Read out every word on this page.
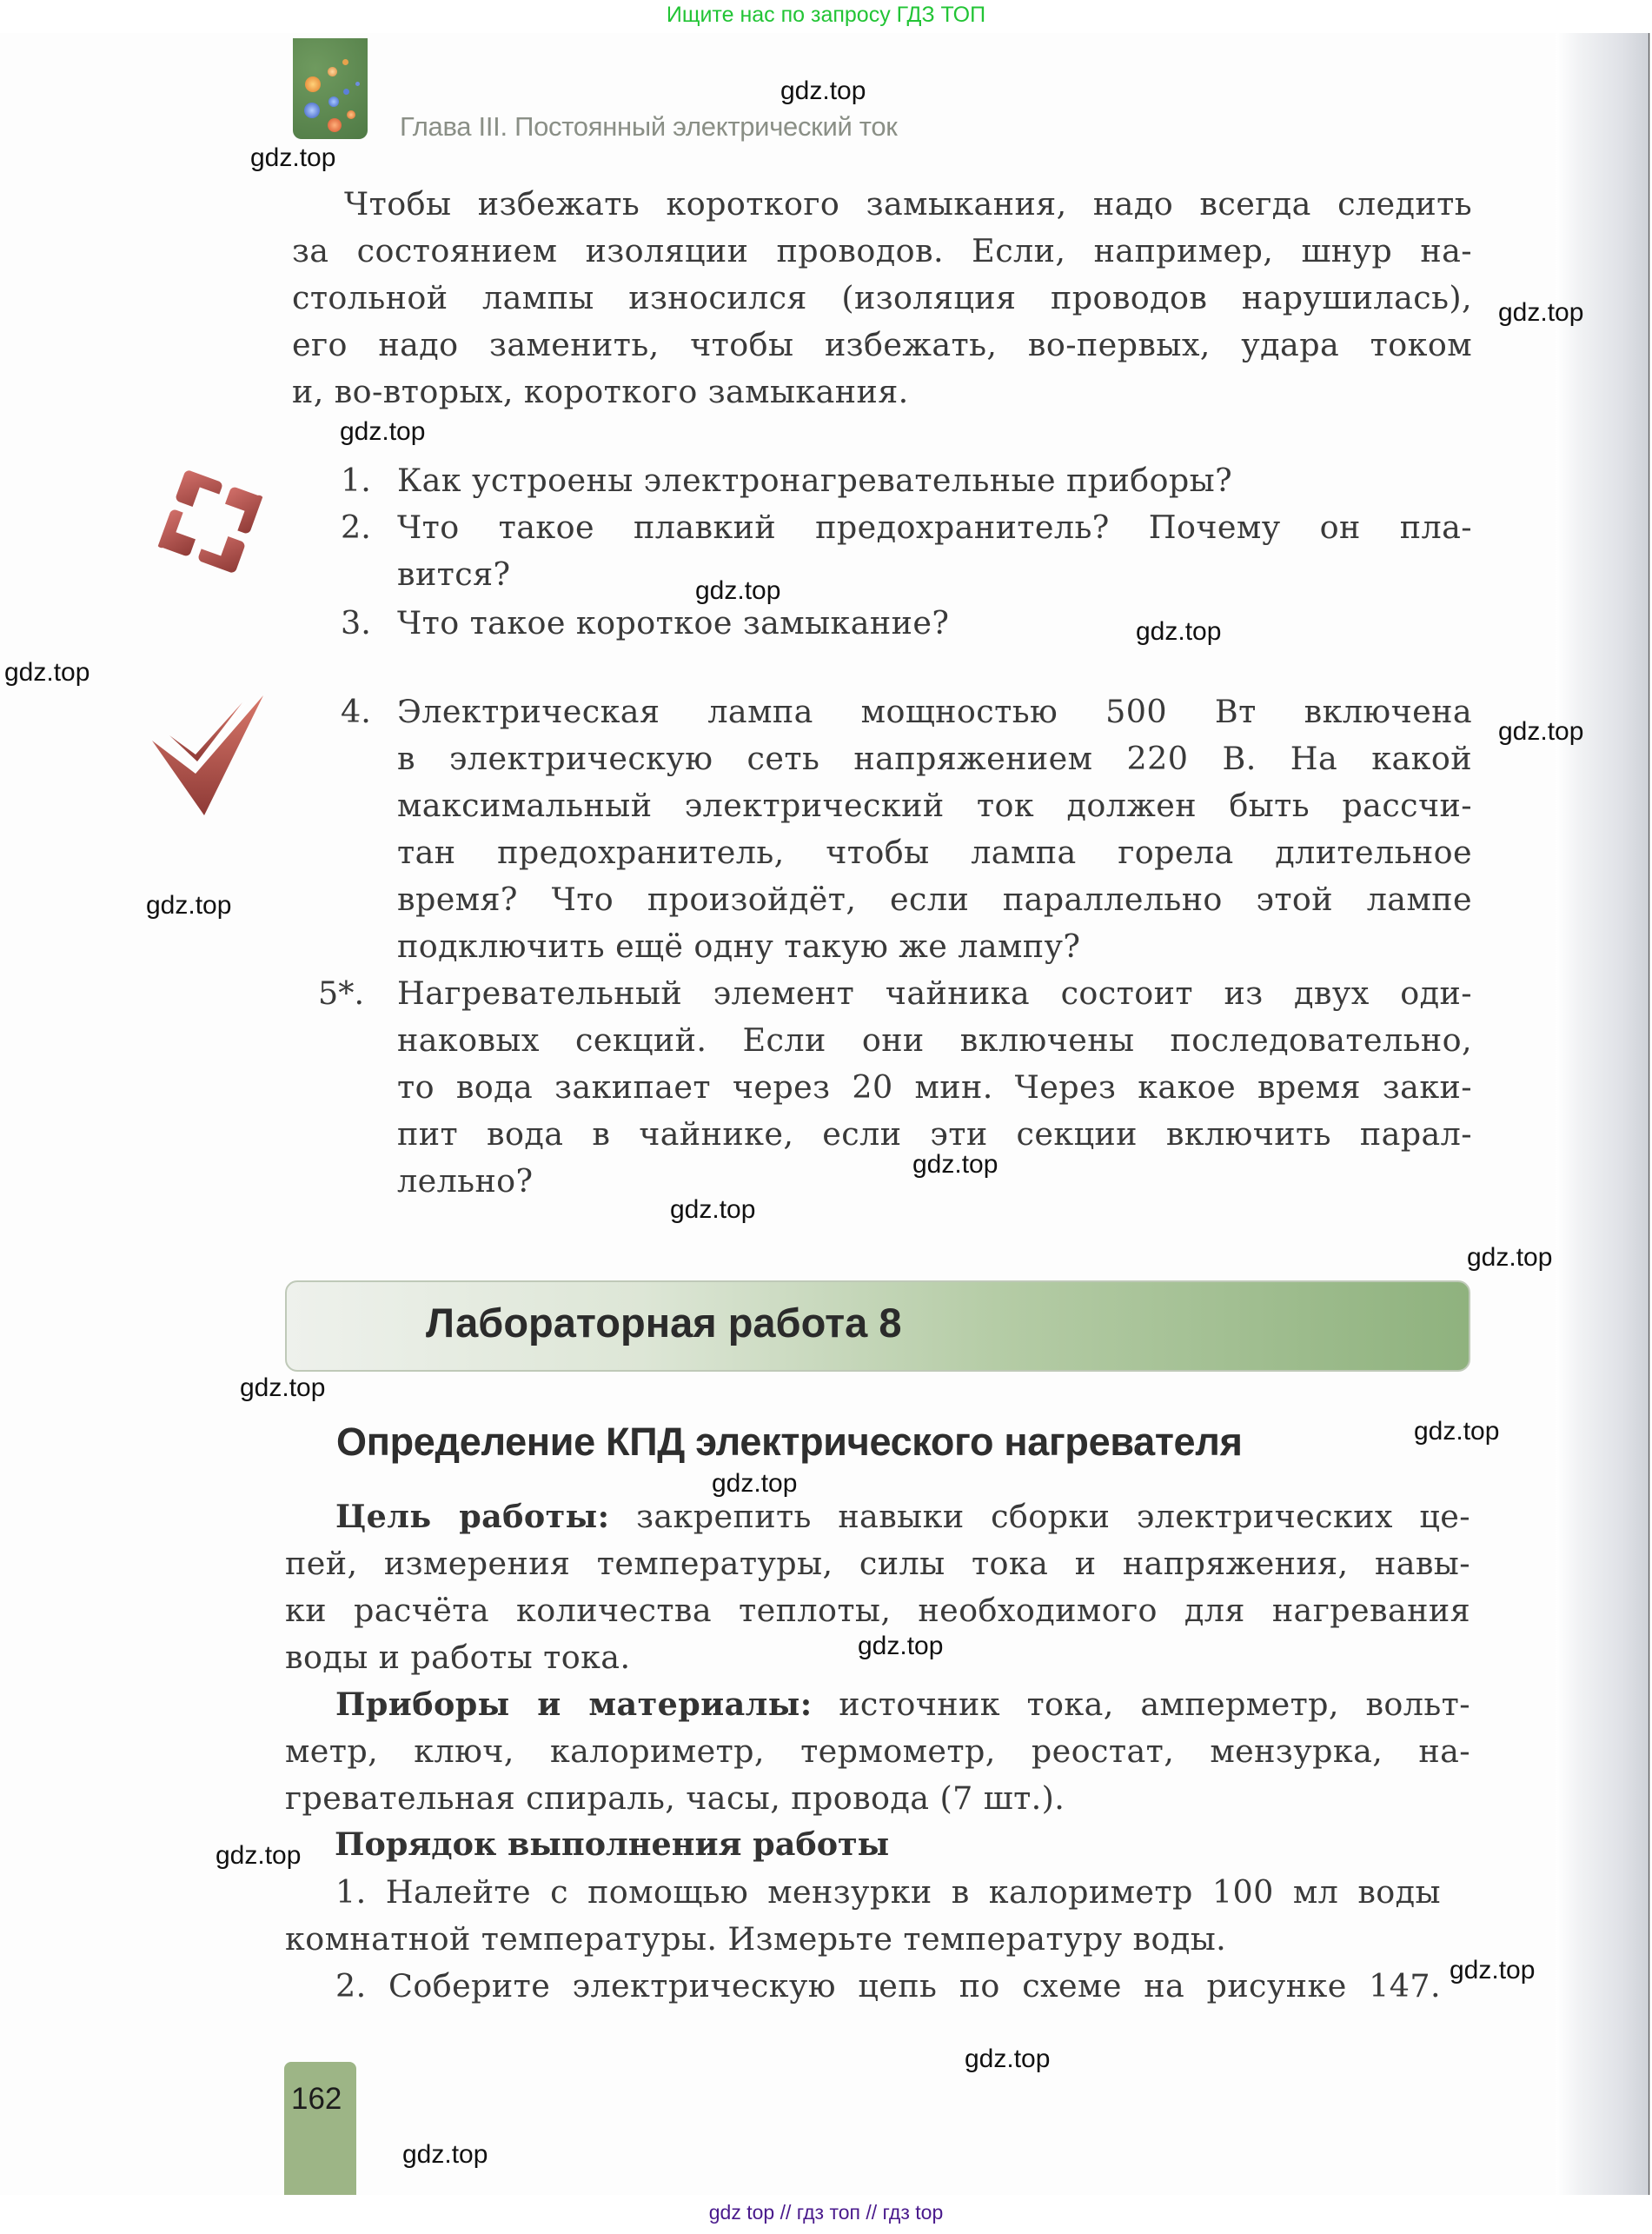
Ищите нас по запросу ГДЗ ТОП
Глава III. Постоянный электрический ток
Чтобы избежать короткого замыкания, надо всегда следить
за состоянием изоляции проводов. Если, например, шнур на-
стольной лампы износился (изоляция проводов нарушилась),
его надо заменить, чтобы избежать, во-первых, удара током
и, во-вторых, короткого замыкания.
1. Как устроены электронагревательные приборы?
2. Что такое плавкий предохранитель? Почему он пла-
вится?
3. Что такое короткое замыкание?
4. Электрическая лампа мощностью 500 Вт включена
в электрическую сеть напряжением 220 В. На какой
максимальный электрический ток должен быть рассчи-
тан предохранитель, чтобы лампа горела длительное
время? Что произойдёт, если параллельно этой лампе
подключить ещё одну такую же лампу?
5*. Нагревательный элемент чайника состоит из двух оди-
наковых секций. Если они включены последовательно,
то вода закипает через 20 мин. Через какое время заки-
пит вода в чайнике, если эти секции включить парал-
лельно?
Лабораторная работа 8
Определение КПД электрического нагревателя
Цель работы: закрепить навыки сборки электрических це-
пей, измерения температуры, силы тока и напряжения, навы-
ки расчёта количества теплоты, необходимого для нагревания
воды и работы тока.
Приборы и материалы: источник тока, амперметр, вольт-
метр, ключ, калориметр, термометр, реостат, мензурка, на-
гревательная спираль, часы, провода (7 шт.).
Порядок выполнения работы
1. Налейте с помощью мензурки в калориметр 100 мл воды
комнатной температуры. Измерьте температуру воды.
2. Соберите электрическую цепь по схеме на рисунке 147.
162
gdz.top
gdz.top
gdz.top
gdz.top
gdz.top
gdz.top
gdz.top
gdz.top
gdz.top
gdz.top
gdz.top
gdz.top
gdz.top
gdz.top
gdz.top
gdz.top
gdz.top
gdz.top
gdz.top
gdz.top
gdz top // гдз топ // гдз top
